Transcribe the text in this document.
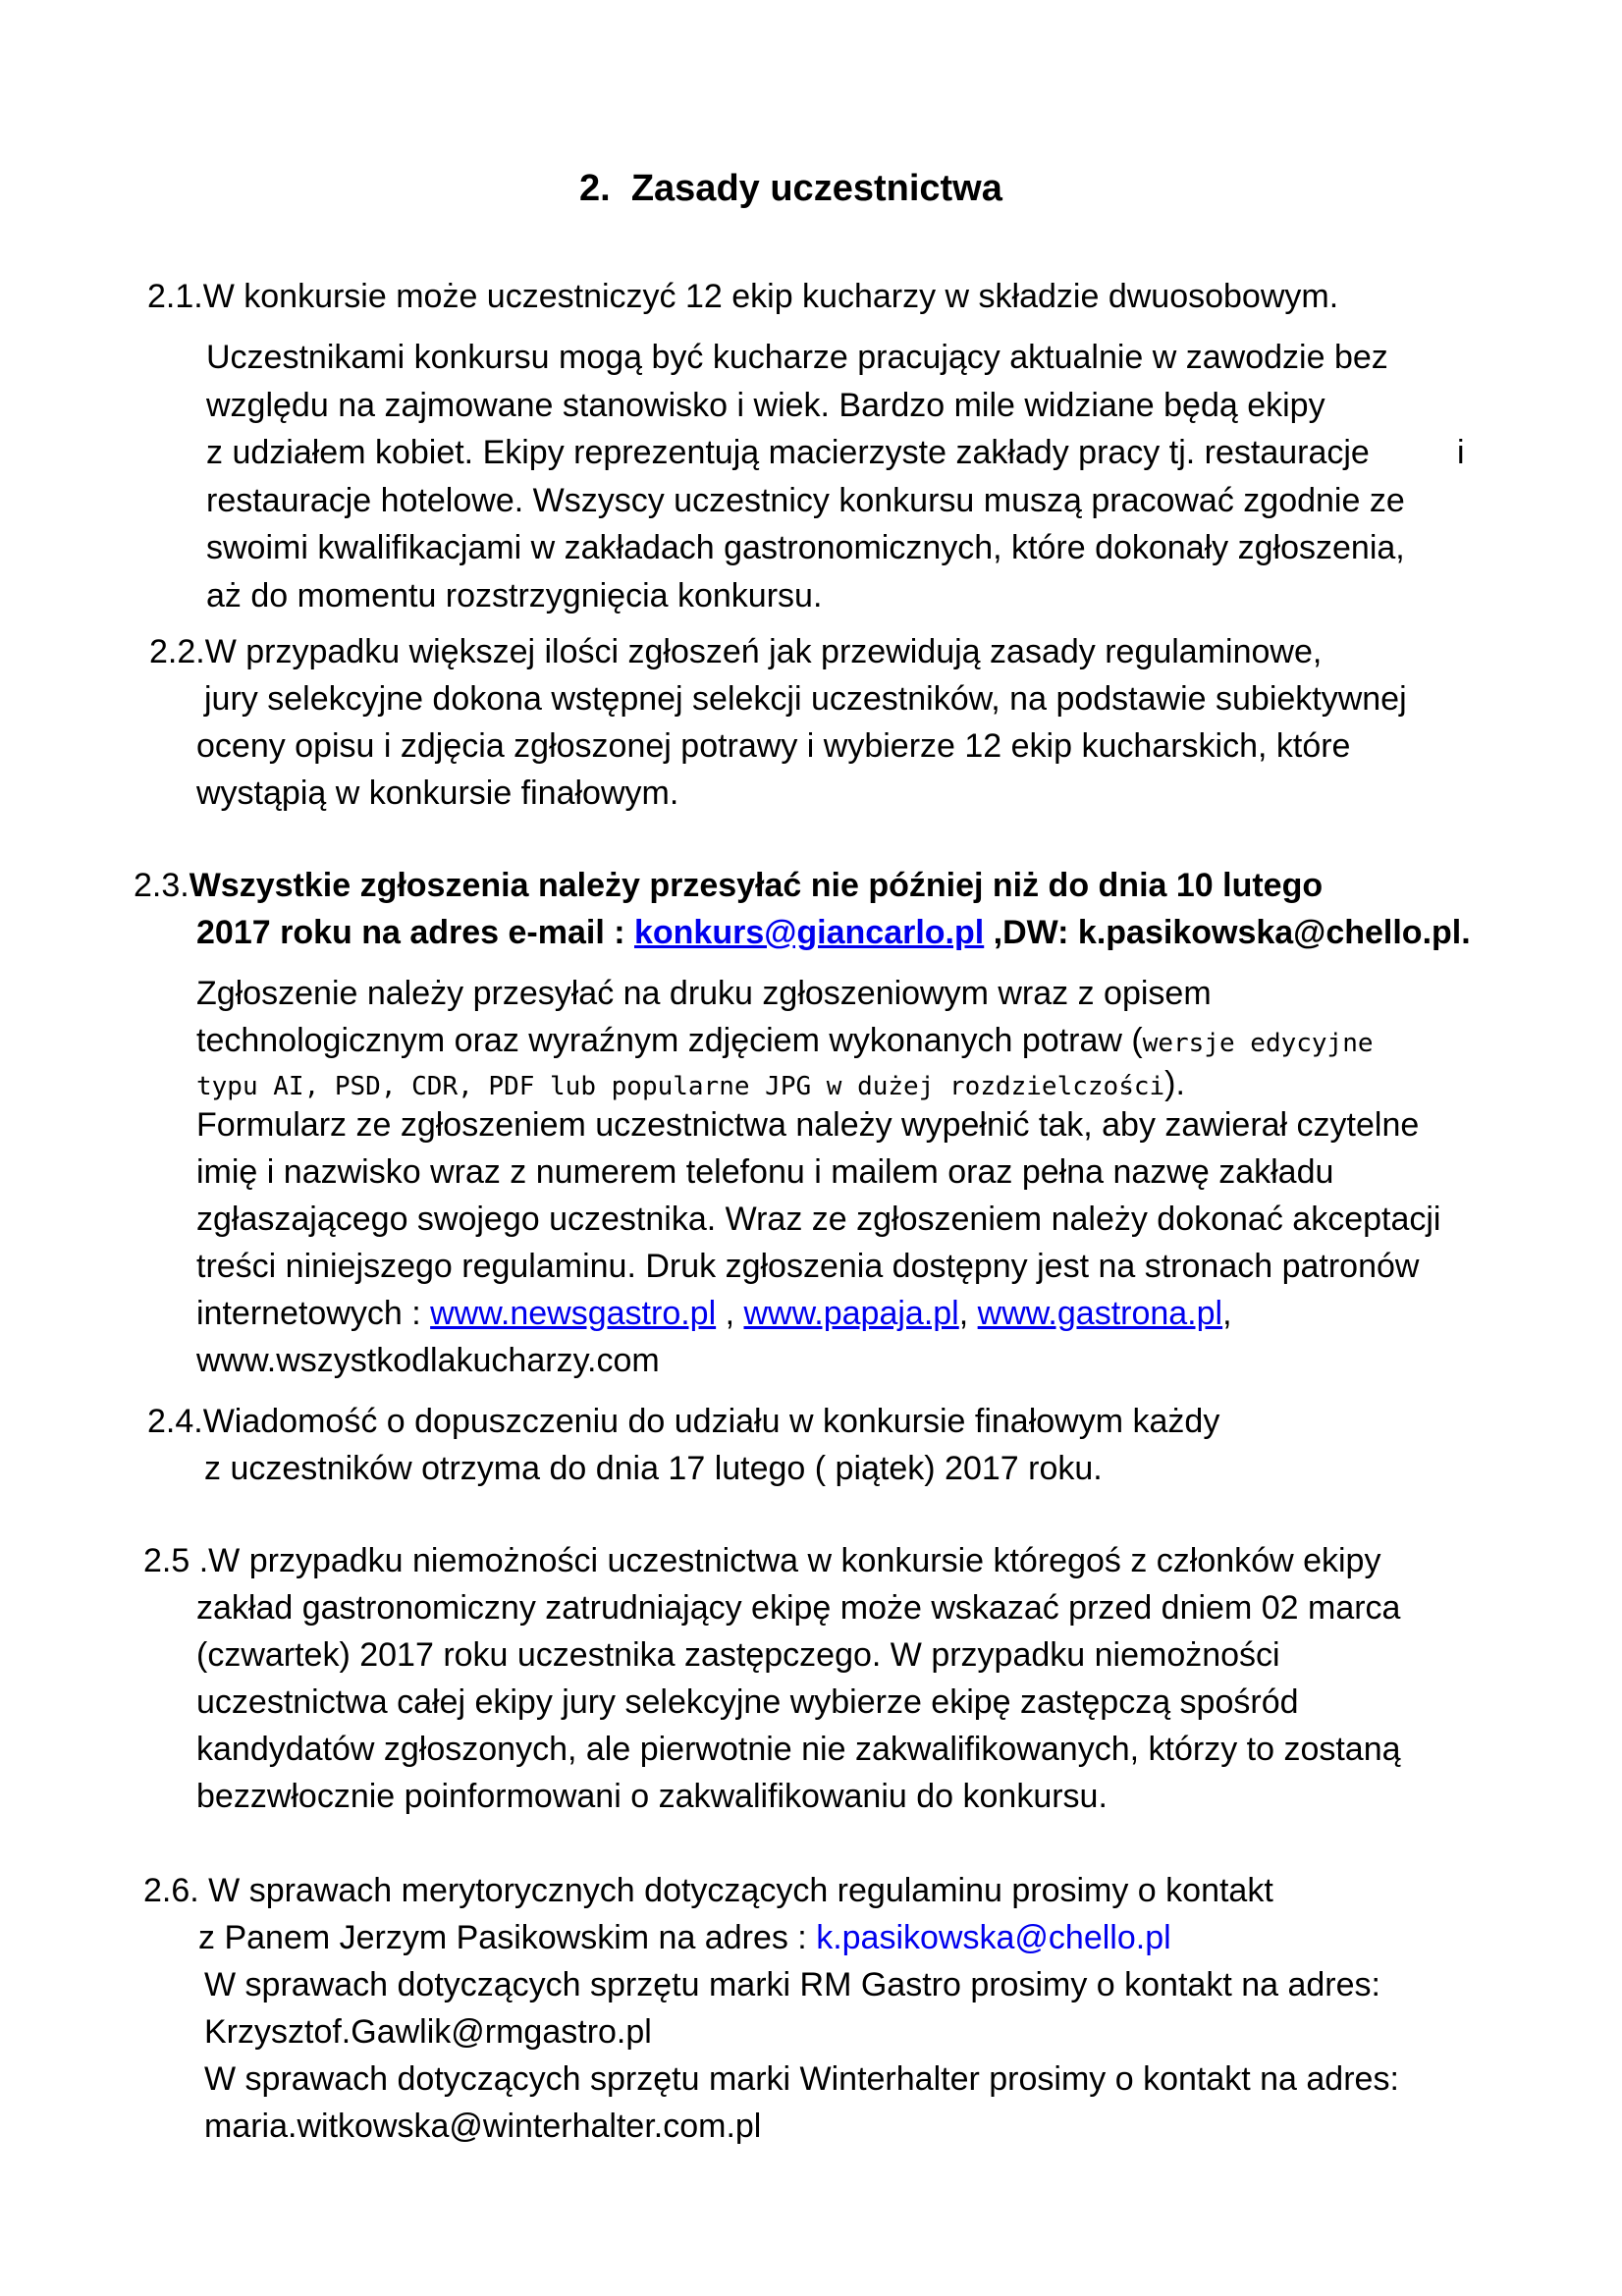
2. Zasady uczestnictwa
2.1.W konkursie może uczestniczyć 12 ekip kucharzy w składzie dwuosobowym.
Uczestnikami konkursu mogą być kucharze pracujący aktualnie w zawodzie bez
względu na zajmowane stanowisko i wiek. Bardzo mile widziane będą ekipy
z udziałem kobiet. Ekipy reprezentują macierzyste zakłady pracy tj. restauracje	i
restauracje hotelowe. Wszyscy uczestnicy konkursu muszą pracować zgodnie ze
swoimi kwalifikacjami w zakładach gastronomicznych, które dokonały zgłoszenia,
aż do momentu rozstrzygnięcia konkursu.
2.2.W przypadku większej ilości zgłoszeń jak przewidują zasady regulaminowe,
jury selekcyjne dokona wstępnej selekcji uczestników, na podstawie subiektywnej
oceny opisu i zdjęcia zgłoszonej potrawy i wybierze 12 ekip kucharskich, które
wystąpią w konkursie finałowym.
2.3.Wszystkie zgłoszenia należy przesyłać nie później niż do dnia 10 lutego
2017 roku na adres e-mail : konkurs@giancarlo.pl ,DW: k.pasikowska@chello.pl.
Zgłoszenie należy przesyłać na druku zgłoszeniowym wraz z opisem
technologicznym oraz wyraźnym zdjęciem wykonanych potraw (wersje edycyjne
typu AI, PSD, CDR, PDF lub popularne JPG w dużej rozdzielczości).
Formularz ze zgłoszeniem uczestnictwa należy wypełnić tak, aby zawierał czytelne
imię i nazwisko wraz z numerem telefonu i mailem oraz pełna nazwę zakładu
zgłaszającego swojego uczestnika. Wraz ze zgłoszeniem należy dokonać akceptacji
treści niniejszego regulaminu. Druk zgłoszenia dostępny jest na stronach patronów
internetowych : www.newsgastro.pl , www.papaja.pl, www.gastrona.pl,
www.wszystkodlakucharzy.com
2.4.Wiadomość o dopuszczeniu do udziału w konkursie finałowym każdy
z uczestników otrzyma do dnia 17 lutego ( piątek) 2017 roku.
2.5 .W przypadku niemożności uczestnictwa w konkursie któregoś z członków ekipy
zakład gastronomiczny zatrudniający ekipę może wskazać przed dniem 02 marca
(czwartek) 2017 roku uczestnika zastępczego. W przypadku niemożności
uczestnictwa całej ekipy jury selekcyjne wybierze ekipę zastępczą spośród
kandydatów zgłoszonych, ale pierwotnie nie zakwalifikowanych, którzy to zostaną
bezzwłocznie poinformowani o zakwalifikowaniu do konkursu.
2.6. W sprawach merytorycznych dotyczących regulaminu prosimy o kontakt
z Panem Jerzym Pasikowskim na adres : k.pasikowska@chello.pl
W sprawach dotyczących sprzętu marki RM Gastro prosimy o kontakt na adres:
Krzysztof.Gawlik@rmgastro.pl
W sprawach dotyczących sprzętu marki Winterhalter prosimy o kontakt na adres:
maria.witkowska@winterhalter.com.pl
